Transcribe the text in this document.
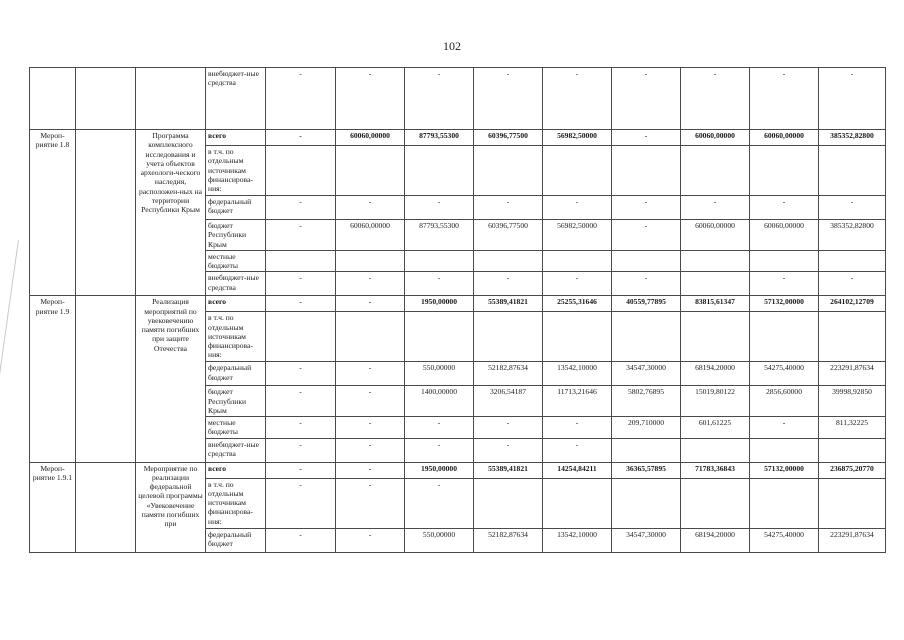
102
			внебюджет-ные средства	-	-	-	-	-	-	-	-	-
Мероп-риятие 1.8		Программа комплексного исследования и учета объектов археологи-ческого наследия, расположен-ных на территории Республики Крым	всего	-	60060,00000	87793,55300	60396,77500	56982,50000	-	60060,00000	60060,00000	385352,82800
			в т.ч. по отдельным источникам финансирова-ния:									
			федеральный бюджет	-	-	-	-	-	-	-	-	-
			бюджет Республики Крым	-	60060,00000	87793,55300	60396,77500	56982,50000	-	60060,00000	60060,00000	385352,82800
			местные бюджеты									
			внебюджет-ные средства	-	-	-	-	-	-		-	-
Мероп-риятие 1.9		Реализация мероприятий по увековечению памяти погибших при защите Отечества	всего	-	-	1950,00000	55389,41821	25255,31646	40559,77895	83815,61347	57132,00000	264102,12709
			в т.ч. по отдельным источникам финансирова-ния:									
			федеральный бюджет	-	-	550,00000	52182,87634	13542,10000	34547,30000	68194,20000	54275,40000	223291,87634
			бюджет Республики Крым	-	-	1400,00000	3206,54187	11713,21646	5802,76895	15019,80122	2856,60000	39998,92850
			местные бюджеты	-	-	-	-	-	209,710000	601,61225	-	811,32225
			внебюджет-ные средства	-	-	-	-	-				
Мероп-риятие 1.9.1		Мероприятие по реализации федеральной целевой программы «Увековечение памяти погибших при	всего	-	-	1950,00000	55389,41821	14254,84211	36365,57895	71783,36843	57132,00000	236875,20770
			в т.ч. по отдельным источникам финансирова-ния:	-	-	-						
			федеральный бюджет	-	-	550,00000	52182,87634	13542,10000	34547,30000	68194,20000	54275,40000	223291,87634
